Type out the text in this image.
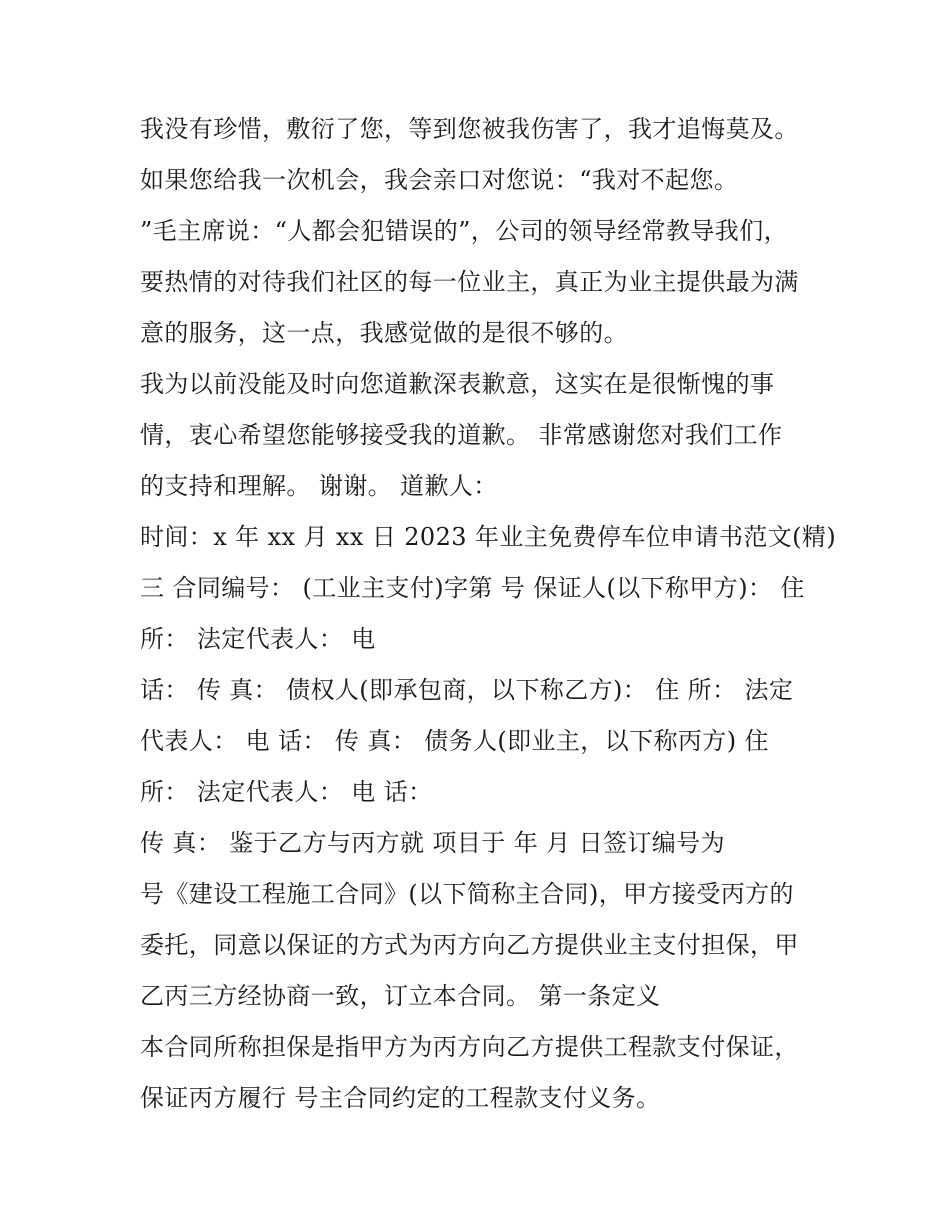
我没有珍惜，敷衍了您，等到您被我伤害了，我才追悔莫及。
如果您给我一次机会，我会亲口对您说：“我对不起您。
”毛主席说：“人都会犯错误的”，公司的领导经常教导我们，
要热情的对待我们社区的每一位业主，真正为业主提供最为满
意的服务，这一点，我感觉做的是很不够的。
我为以前没能及时向您道歉深表歉意，这实在是很惭愧的事
情，衷心希望您能够接受我的道歉。 非常感谢您对我们工作
的支持和理解。 谢谢。 道歉人：
时间：x 年 xx 月 xx 日 2023 年业主免费停车位申请书范文(精)
三 合同编号： (工业主支付)字第 号 保证人(以下称甲方)： 住
所： 法定代表人： 电
话： 传 真： 债权人(即承包商，以下称乙方)： 住 所： 法定
代表人： 电 话： 传 真： 债务人(即业主，以下称丙方) 住
所： 法定代表人： 电 话：
传 真： 鉴于乙方与丙方就 项目于 年 月 日签订编号为
号《建设工程施工合同》(以下简称主合同)，甲方接受丙方的
委托，同意以保证的方式为丙方向乙方提供业主支付担保，甲
乙丙三方经协商一致，订立本合同。 第一条定义
本合同所称担保是指甲方为丙方向乙方提供工程款支付保证，
保证丙方履行 号主合同约定的工程款支付义务。
